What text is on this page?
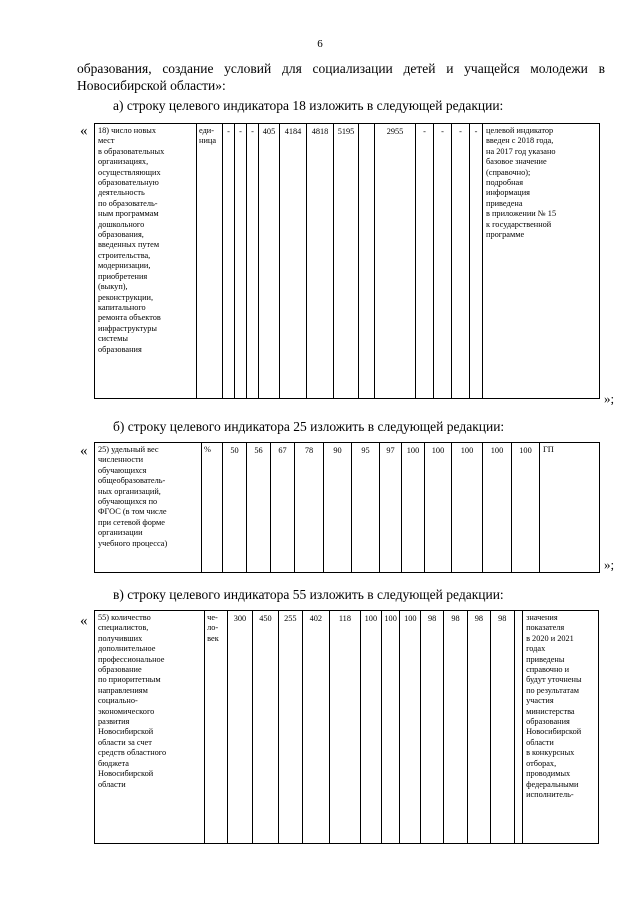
6
образования, создание условий для социализации детей и учащейся молодежи в Новосибирской области»:
а) строку целевого индикатора 18 изложить в следующей редакции:
« 18) число новых
мест
в образовательных
организациях,
осуществляющих
образовательную
деятельность
по образователь-
ным программам
дошкольного
образования,
введенных путем
строительства,
модернизации,
приобретения
(выкуп),
реконструкции,
капитального
ремонта объектов
инфраструктуры
системы
образования	еди-
ница	-	-	-	405	4184	4818	5195		2955	-	-	-	-	целевой индикатор
введен с 2018 года,
на 2017 год указано
базовое значение
(справочно);
подробная
информация
приведена
в приложении № 15
к государственной
программе
»;
б) строку целевого индикатора 25 изложить в следующей редакции:
« 25) удельный вес
численности
обучающихся
общеобразователь-
ных организаций,
обучающихся по
ФГОС (в том числе
при сетевой форме
организации
учебного процесса)	%	50	56	67	78	90	95	97	100	100	100	100	100	ГП
»;
в) строку целевого индикатора 55 изложить в следующей редакции:
« 55) количество
специалистов,
получивших
дополнительное
профессиональное
образование
по приоритетным
направлениям
социально-
экономического
развития
Новосибирской
области за счет
средств областного
бюджета
Новосибирской
области	че-
ло-
век	300	450	255	402	118	100	100	100	98	98	98	98		значения
показателя
в 2020 и 2021
годах
приведены
справочно и
будут уточнены
по результатам
участия
министерства
образования
Новосибирской
области
в конкурсных
отборах,
проводимых
федеральными
исполнитель-
